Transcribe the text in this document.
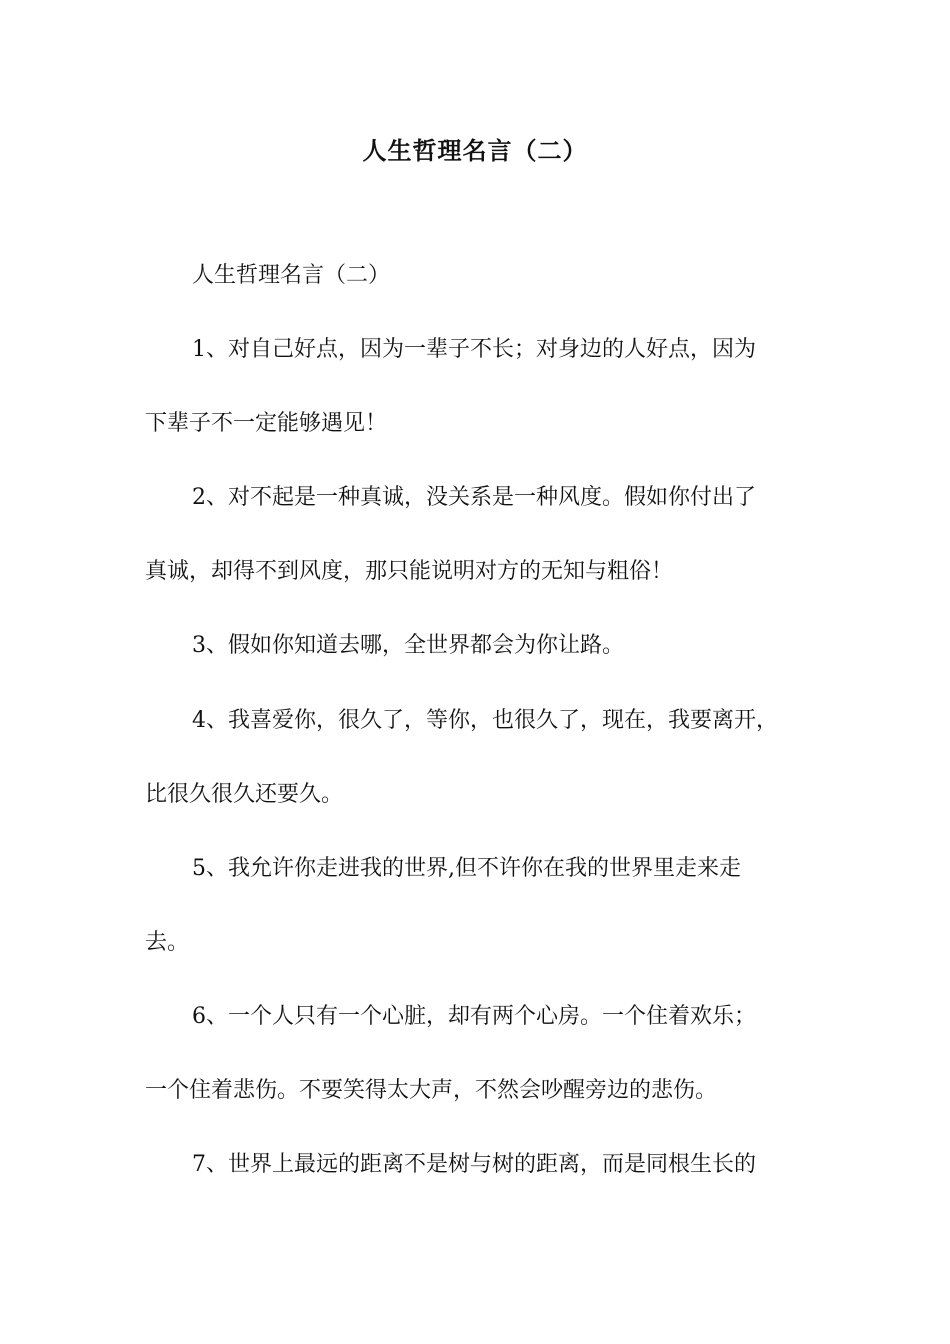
人生哲理名言（二）

人生哲理名言（二）

1、对自己好点，因为一辈子不长；对身边的人好点，因为

下辈子不一定能够遇见！

2、对不起是一种真诚，没关系是一种风度。假如你付出了

真诚，却得不到风度，那只能说明对方的无知与粗俗！

3、假如你知道去哪，全世界都会为你让路。

4、我喜爱你，很久了，等你，也很久了，现在，我要离开，

比很久很久还要久。

5、我允许你走进我的世界,但不许你在我的世界里走来走

去。

6、一个人只有一个心脏，却有两个心房。一个住着欢乐；

一个住着悲伤。不要笑得太大声，不然会吵醒旁边的悲伤。

7、世界上最远的距离不是树与树的距离，而是同根生长的
